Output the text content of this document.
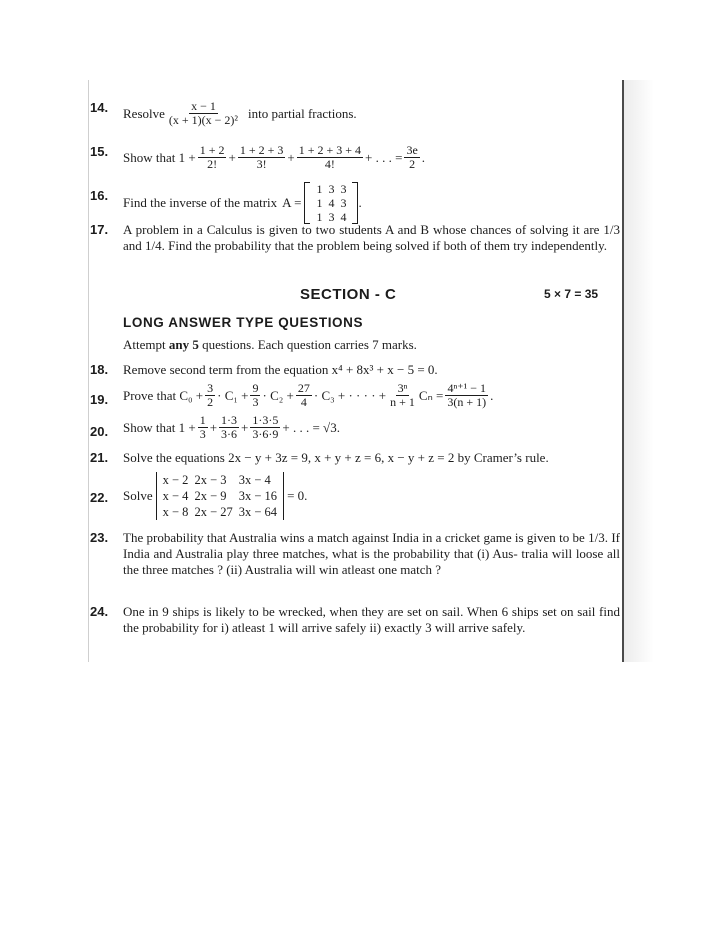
14. Resolve $\frac{x - 1}{\text{(x + 1)(x − 2)²}}$ into partial fractions.
15. Show that $1 + \frac{1 + 2}{2!} + \frac{1 + 2 + 3}{3!} + \frac{1 + 2 + 3 + 4}{4!}$ + . . . = $\frac{3e}{2}$ .
16. Find the inverse of the matrix A =
1 3 3
1 4 3
1 3 4
.
17. A problem in a Calculus is given to two students A and B whose chances of solving it are 1/3 and 1/4. Find the probability that the problem being solved if both of them try independently.
SECTION - C	5 × 7 = 35
LONG ANSWER TYPE QUESTIONS
Attempt any 5 questions. Each question carries 7 marks.
18. Remove second term from the equation x⁴ + 8x³ + x − 5 = 0.
19. Prove that $C_0 + \frac{3}{2} \cdot C_1 + \frac{9}{3} \cdot C_2 + \frac{27}{4} \cdot C_3$ + · · · · + $\frac{\text{3ⁿ}}{n + 1}$ $C_n = \frac{\text{4ⁿ⁺¹ − 1}}{3(n + 1)}$ .
20. Show that $1 + \frac{1}{3} + \frac{1\cdot 3}{3\cdot 6} + \frac{1\cdot 3\cdot 5}{3\cdot 6\cdot 9}$ + . . . = √3.
21. Solve the equations 2x − y + 3z = 9, x + y + z = 6, x − y + z = 2 by Cramer’s rule.
22. Solve
x − 2 2x − 3 3x − 4
x − 4 2x − 9 3x − 16
x − 8 2x − 27 3x − 64
= 0.
23. The probability that Australia wins a match against India in a cricket game is given to be 1/3. If India and Australia play three matches, what is the probability that (i) Aus- tralia will loose all the three matches ? (ii) Australia will win atleast one match ?
24. One in 9 ships is likely to be wrecked, when they are set on sail. When 6 ships set on sail find the probability for i) atleast 1 will arrive safely ii) exactly 3 will arrive safely.
